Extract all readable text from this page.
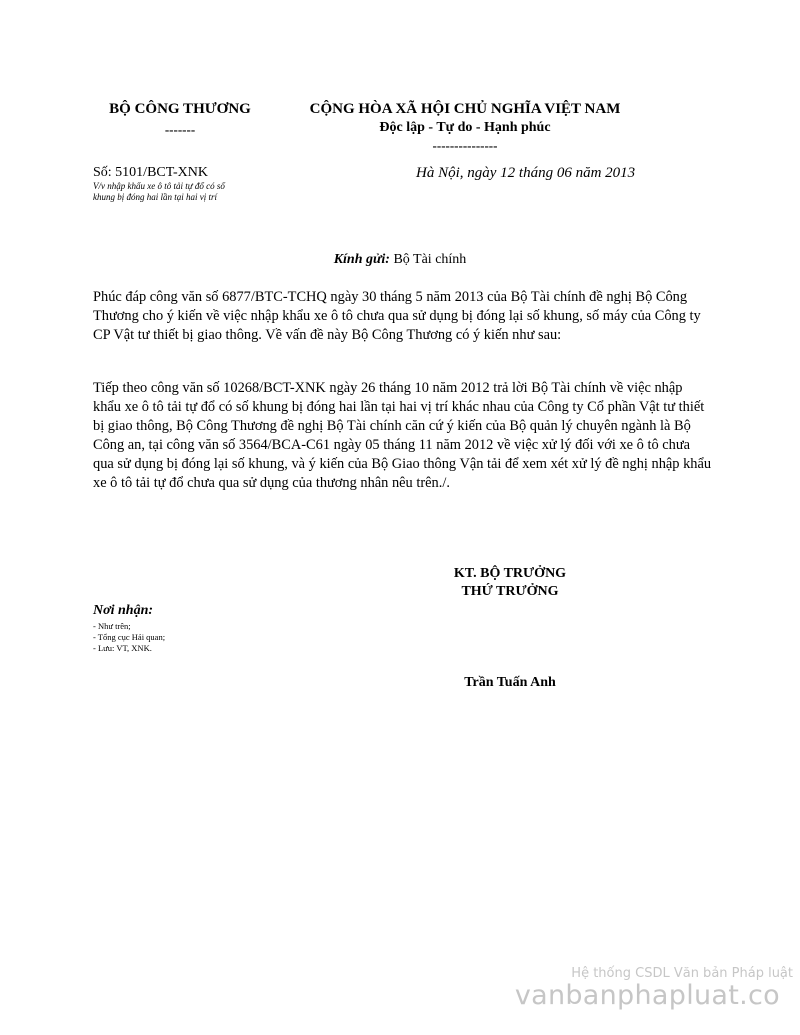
BỘ CÔNG THƯƠNG
-------
CỘNG HÒA XÃ HỘI CHỦ NGHĨA VIỆT NAM
Độc lập - Tự do - Hạnh phúc
---------------
Số: 5101/BCT-XNK
V/v nhập khẩu xe ô tô tải tự đổ có số
khung bị đóng hai lần tại hai vị trí
Hà Nội, ngày 12 tháng 06 năm 2013
Kính gửi: Bộ Tài chính
Phúc đáp công văn số 6877/BTC-TCHQ ngày 30 tháng 5 năm 2013 của Bộ Tài chính đề nghị Bộ Công Thương cho ý kiến về việc nhập khẩu xe ô tô chưa qua sử dụng bị đóng lại số khung, số máy của Công ty CP Vật tư thiết bị giao thông. Về vấn đề này Bộ Công Thương có ý kiến như sau:
Tiếp theo công văn số 10268/BCT-XNK ngày 26 tháng 10 năm 2012 trả lời Bộ Tài chính về việc nhập khẩu xe ô tô tải tự đổ có số khung bị đóng hai lần tại hai vị trí khác nhau của Công ty Cổ phần Vật tư thiết bị giao thông, Bộ Công Thương đề nghị Bộ Tài chính căn cứ ý kiến của Bộ quản lý chuyên ngành là Bộ Công an, tại công văn số 3564/BCA-C61 ngày 05 tháng 11 năm 2012 về việc xử lý đối với xe ô tô chưa qua sử dụng bị đóng lại số khung, và ý kiến của Bộ Giao thông Vận tải để xem xét xử lý đề nghị nhập khẩu xe ô tô tải tự đổ chưa qua sử dụng của thương nhân nêu trên./.
KT. BỘ TRƯỞNG
THỨ TRƯỞNG
Trần Tuấn Anh
Nơi nhận:
- Như trên;
- Tổng cục Hải quan;
- Lưu: VT, XNK.
Hệ thống CSDL Văn bản Pháp luật
vanbanphapluat.co
